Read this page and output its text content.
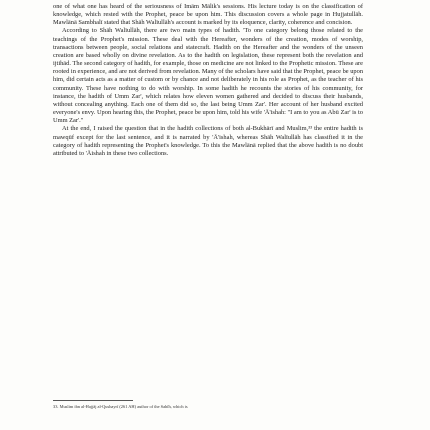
one of what one has heard of the seriousness of Imām Mālik's sessions. His lecture today is on the classification of knowledge, which rested with the Prophet, peace be upon him. This discussion covers a whole page in Hujjatullāh. Mawlānā Sambhalī stated that Shāh Walīullāh's account is marked by its eloquence, clarity, coherence and concision.

According to Shāh Walīullāh, there are two main types of hadith. 'To one category belong those related to the teachings of the Prophet's mission. These deal with the Hereafter, wonders of the creation, modes of worship, transactions between people, social relations and statecraft. Hadith on the Hereafter and the wonders of the unseen creation are based wholly on divine revelation. As to the hadith on legislation, these represent both the revelation and ijtihād. The second category of hadith, for example, those on medicine are not linked to the Prophetic mission. These are rooted in experience, and are not derived from revelation. Many of the scholars have said that the Prophet, peace be upon him, did certain acts as a matter of custom or by chance and not deliberately in his role as Prophet, as the teacher of his community. These have nothing to do with worship. In some hadith he recounts the stories of his community, for instance, the hadith of Umm Zar', which relates how eleven women gathered and decided to discuss their husbands, without concealing anything. Each one of them did so, the last being Umm Zar'. Her account of her husband excited everyone's envy. Upon hearing this, the Prophet, peace be upon him, told his wife 'Ā'ishah: "I am to you as Abū Zar' is to Umm Zar'."

At the end, I raised the question that in the hadith collections of both al-Bukhārī and Muslim,³³ the entire hadith is mawqūf except for the last sentence, and it is narrated by 'Ā'ishah, whereas Shāh Walīullāh has classified it in the category of hadith representing the Prophet's knowledge. To this the Mawlānā replied that the above hadith is no doubt attributed to 'Āishah in these two collections.

33. Muslim ibn al-Hajjāj al-Qushayrī (261 AH) author of the Sahīh, which is
